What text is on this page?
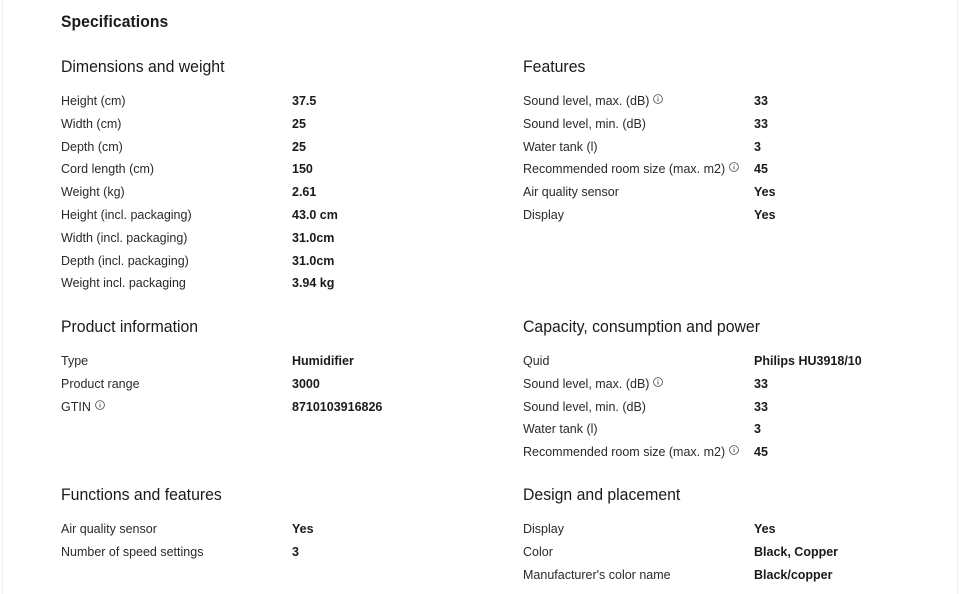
Specifications
Dimensions and weight
Height (cm)	37.5
Width (cm)	25
Depth (cm)	25
Cord length (cm)	150
Weight (kg)	2.61
Height (incl. packaging)	43.0 cm
Width (incl. packaging)	31.0cm
Depth (incl. packaging)	31.0cm
Weight incl. packaging	3.94 kg
Features
Sound level, max. (dB)	33
Sound level, min. (dB)	33
Water tank (l)	3
Recommended room size (max. m2)	45
Air quality sensor	Yes
Display	Yes
Product information
Type	Humidifier
Product range	3000
GTIN	8710103916826
Capacity, consumption and power
Quid	Philips HU3918/10
Sound level, max. (dB)	33
Sound level, min. (dB)	33
Water tank (l)	3
Recommended room size (max. m2)	45
Functions and features
Air quality sensor	Yes
Number of speed settings	3
Design and placement
Display	Yes
Color	Black, Copper
Manufacturer's color name	Black/copper
